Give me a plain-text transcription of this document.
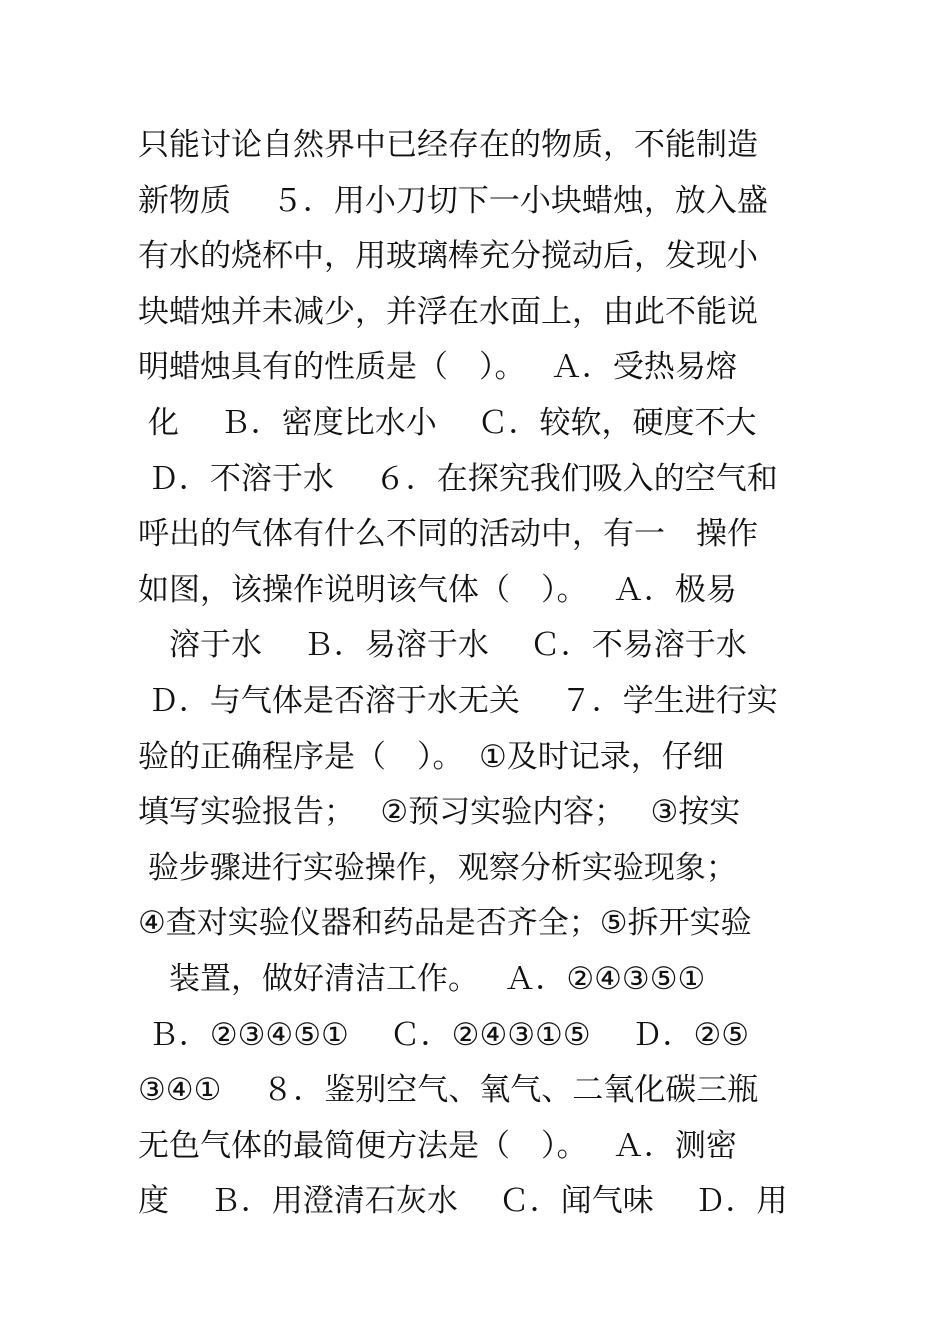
只能讨论自然界中已经存在的物质，不能制造
新物质　 ５．用小刀切下一小块蜡烛，放入盛
有水的烧杯中，用玻璃棒充分搅动后，发现小
块蜡烛并未减少，并浮在水面上，由此不能说
明蜡烛具有的性质是（　）。　 Ａ．受热易熔
化　 Ｂ．密度比水小　 Ｃ．较软，硬度不大
Ｄ．不溶于水　 ６．在探究我们吸入的空气和
呼出的气体有什么不同的活动中，有一　操作
如图，该操作说明该气体（　）。　 Ａ．极易
　溶于水　 Ｂ．易溶于水　 Ｃ．不易溶于水
Ｄ．与气体是否溶于水无关　 ７．学生进行实
验的正确程序是（　）。　①及时记录，仔细
填写实验报告；　 ②预习实验内容；　 ③按实
验步骤进行实验操作，观察分析实验现象；
④查对实验仪器和药品是否齐全；⑤拆开实验
　装置，做好清洁工作。　 Ａ．②④③⑤①
Ｂ．②③④⑤①　 Ｃ．②④③①⑤　 Ｄ．②⑤
③④①　 ８．鉴别空气、氧气、二氧化碳三瓶
无色气体的最简便方法是（　）。　 Ａ．测密
度　 Ｂ．用澄清石灰水　 Ｃ．闻气味　 Ｄ．用
